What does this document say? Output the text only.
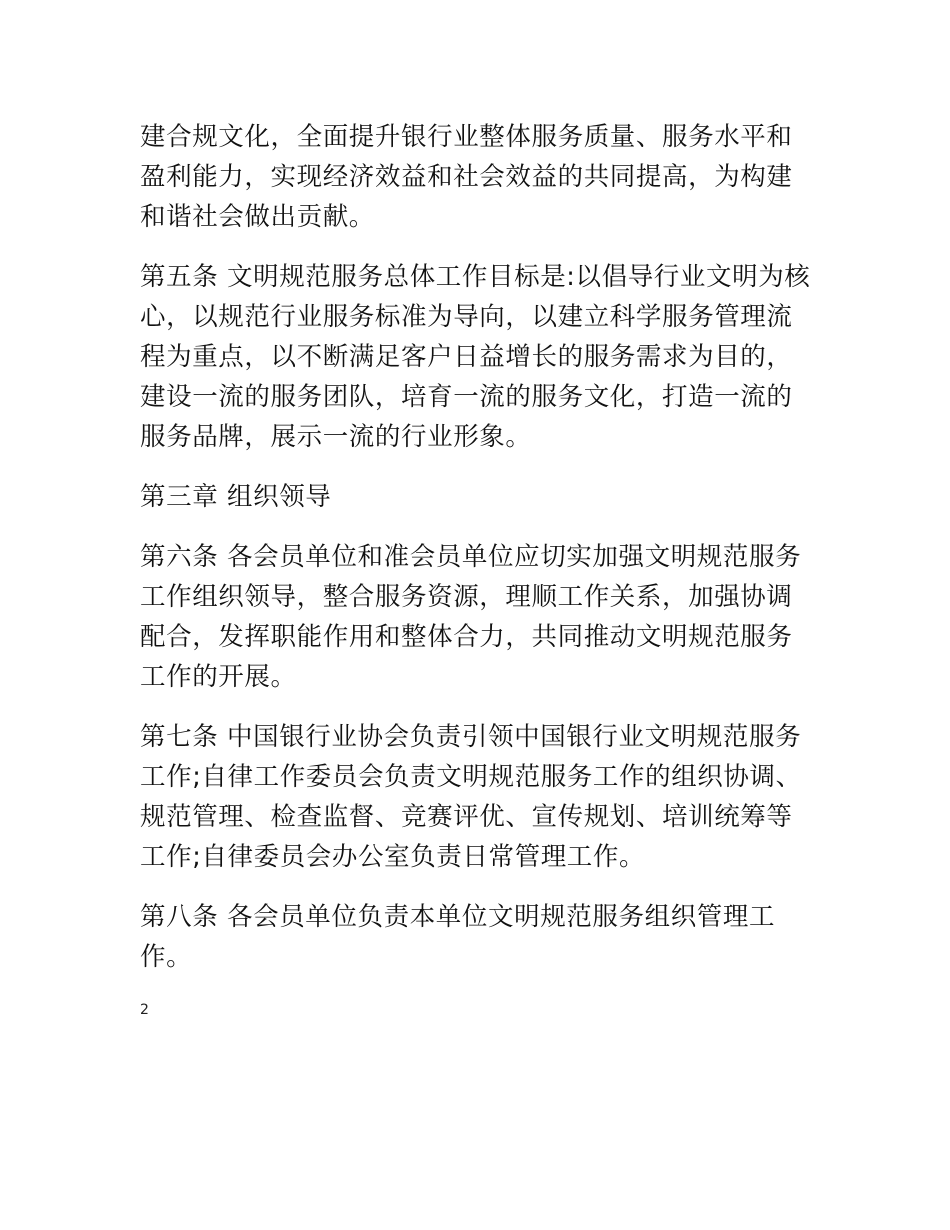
建合规文化，全面提升银行业整体服务质量、服务水平和盈利能力，实现经济效益和社会效益的共同提高，为构建和谐社会做出贡献。

第五条 文明规范服务总体工作目标是:以倡导行业文明为核心，以规范行业服务标准为导向，以建立科学服务管理流程为重点，以不断满足客户日益增长的服务需求为目的，建设一流的服务团队，培育一流的服务文化，打造一流的服务品牌，展示一流的行业形象。

第三章 组织领导

第六条 各会员单位和准会员单位应切实加强文明规范服务工作组织领导，整合服务资源，理顺工作关系，加强协调配合，发挥职能作用和整体合力，共同推动文明规范服务工作的开展。

第七条 中国银行业协会负责引领中国银行业文明规范服务工作;自律工作委员会负责文明规范服务工作的组织协调、规范管理、检查监督、竞赛评优、宣传规划、培训统筹等工作;自律委员会办公室负责日常管理工作。

第八条 各会员单位负责本单位文明规范服务组织管理工作。

2
